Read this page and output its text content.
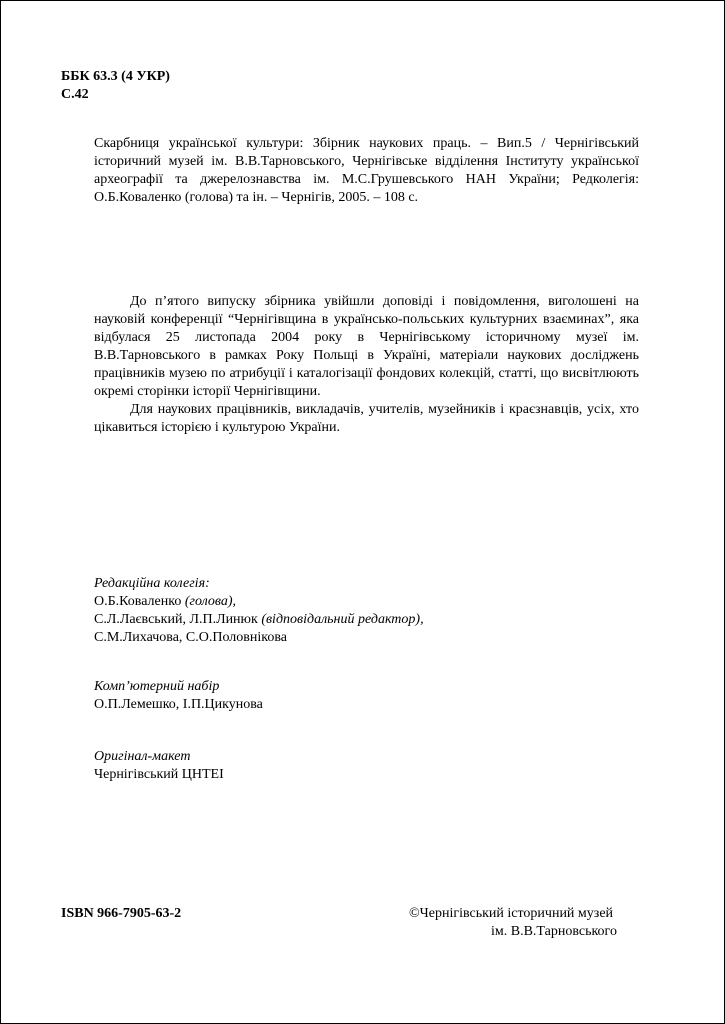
ББК 63.3 (4 УКР)
С.42
Скарбниця української культури: Збірник наукових праць. – Вип.5 / Чернігівський історичний музей ім. В.В.Тарновського, Чернігівське відділення Інституту української археографії та джерелознавства ім. М.С.Грушевського НАН України; Редколегія: О.Б.Коваленко (голова) та ін. – Чернігів, 2005. – 108 с.

До п’ятого випуску збірника увійшли доповіді і повідомлення, виголошені на науковій конференції “Чернігівщина в українсько-польських культурних взаєминах”, яка відбулася 25 листопада 2004 року в Чернігівському історичному музеї ім. В.В.Тарновського в рамках Року Польщі в Україні, матеріали наукових досліджень працівників музею по атрибуції і каталогізації фондових колекцій, статті, що висвітлюють окремі сторінки історії Чернігівщини.

Для наукових працівників, викладачів, учителів, музейників і краєзнавців, усіх, хто цікавиться історією і культурою України.

Редакційна колегія:
О.Б.Коваленко (голова),
С.Л.Лаєвський, Л.П.Линюк (відповідальний редактор),
С.М.Лихачова, С.О.Половнікова
Комп’ютерний набір
О.П.Лемешко, І.П.Цикунова
Оригінал-макет
Чернігівський ЦНТЕІ
ISBN 966-7905-63-2	©Чернігівський історичний музей
ім. В.В.Тарновського
